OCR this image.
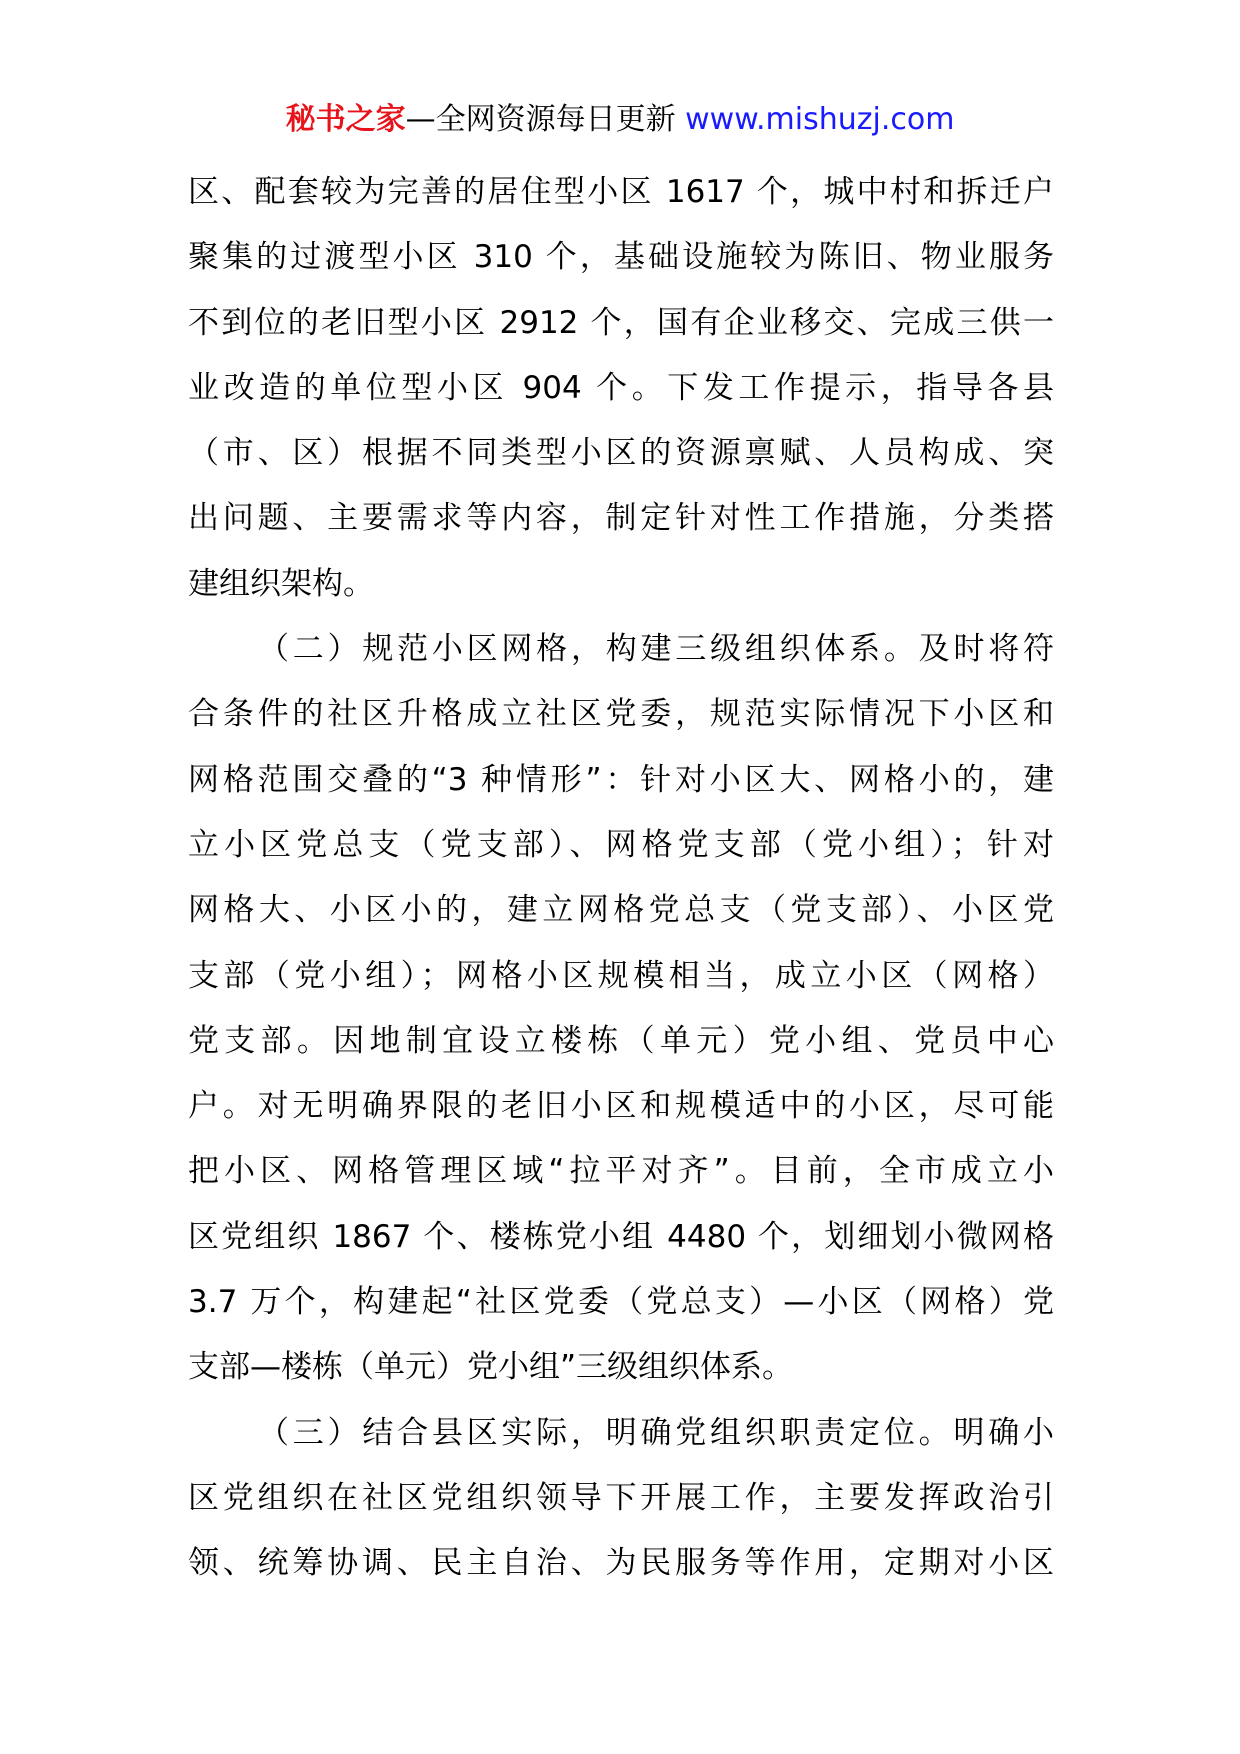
秘书之家—全网资源每日更新 www.mishuzj.com
区、配套较为完善的居住型小区 1617 个，城中村和拆迁户
聚集的过渡型小区 310 个，基础设施较为陈旧、物业服务
不到位的老旧型小区 2912 个，国有企业移交、完成三供一
业改造的单位型小区 904 个。下发工作提示，指导各县
（市、区）根据不同类型小区的资源禀赋、人员构成、突
出问题、主要需求等内容，制定针对性工作措施，分类搭
建组织架构。
（二）规范小区网格，构建三级组织体系。及时将符
合条件的社区升格成立社区党委，规范实际情况下小区和
网格范围交叠的“3 种情形”：针对小区大、网格小的，建
立小区党总支（党支部）、网格党支部（党小组）；针对
网格大、小区小的，建立网格党总支（党支部）、小区党
支部（党小组）；网格小区规模相当，成立小区（网格）
党支部。因地制宜设立楼栋（单元）党小组、党员中心
户。对无明确界限的老旧小区和规模适中的小区，尽可能
把小区、网格管理区域“拉平对齐”。目前，全市成立小
区党组织 1867 个、楼栋党小组 4480 个，划细划小微网格
3.7 万个，构建起“社区党委（党总支）—小区（网格）党
支部—楼栋（单元）党小组”三级组织体系。
（三）结合县区实际，明确党组织职责定位。明确小
区党组织在社区党组织领导下开展工作，主要发挥政治引
领、统筹协调、民主自治、为民服务等作用，定期对小区
